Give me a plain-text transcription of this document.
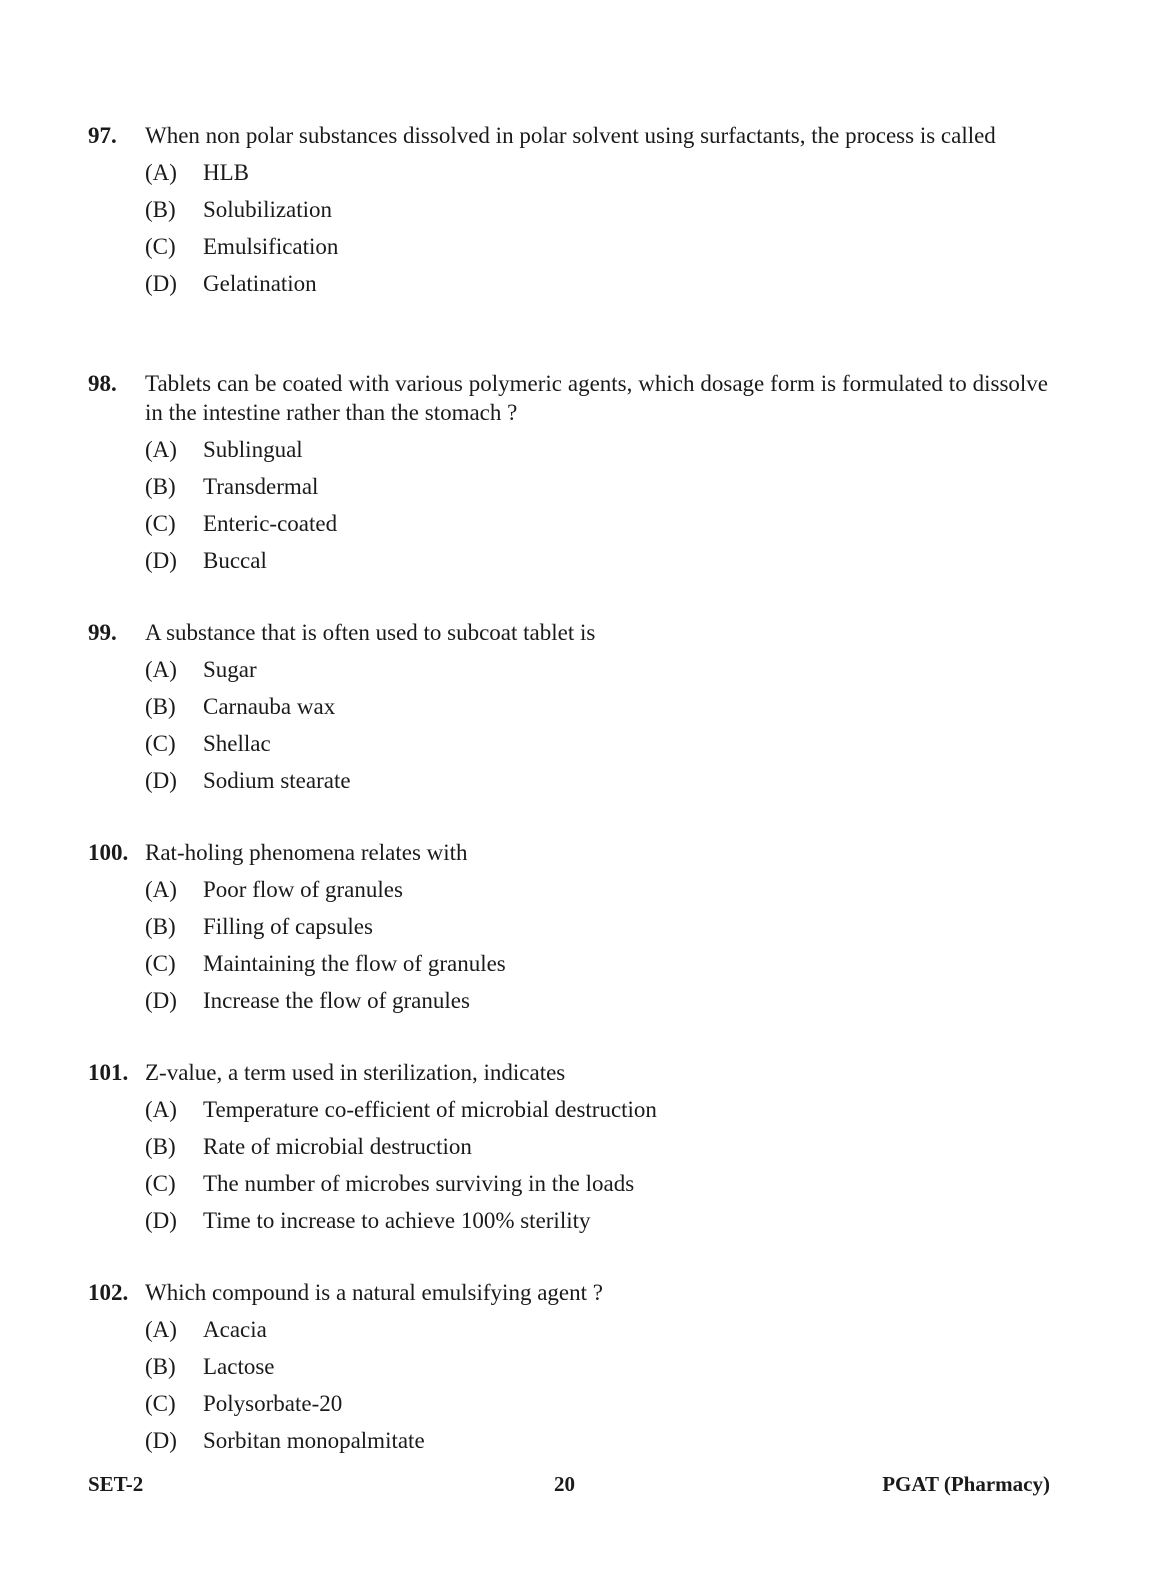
97.	When non polar substances dissolved in polar solvent using surfactants, the process is called
(A)	HLB
(B)	Solubilization
(C)	Emulsification
(D)	Gelatination
98.	Tablets can be coated with various polymeric agents, which dosage form is formulated to dissolve in the intestine rather than the stomach ?
(A)	Sublingual
(B)	Transdermal
(C)	Enteric-coated
(D)	Buccal
99.	A substance that is often used to subcoat tablet is
(A)	Sugar
(B)	Carnauba wax
(C)	Shellac
(D)	Sodium stearate
100. Rat-holing phenomena relates with
(A)	Poor flow of granules
(B)	Filling of capsules
(C)	Maintaining the flow of granules
(D)	Increase the flow of granules
101. Z-value, a term used in sterilization, indicates
(A)	Temperature co-efficient of microbial destruction
(B)	Rate of microbial destruction
(C)	The number of microbes surviving in the loads
(D)	Time to increase to achieve 100% sterility
102. Which compound is a natural emulsifying agent ?
(A)	Acacia
(B)	Lactose
(C)	Polysorbate-20
(D)	Sorbitan monopalmitate
SET-2	20	PGAT (Pharmacy)
